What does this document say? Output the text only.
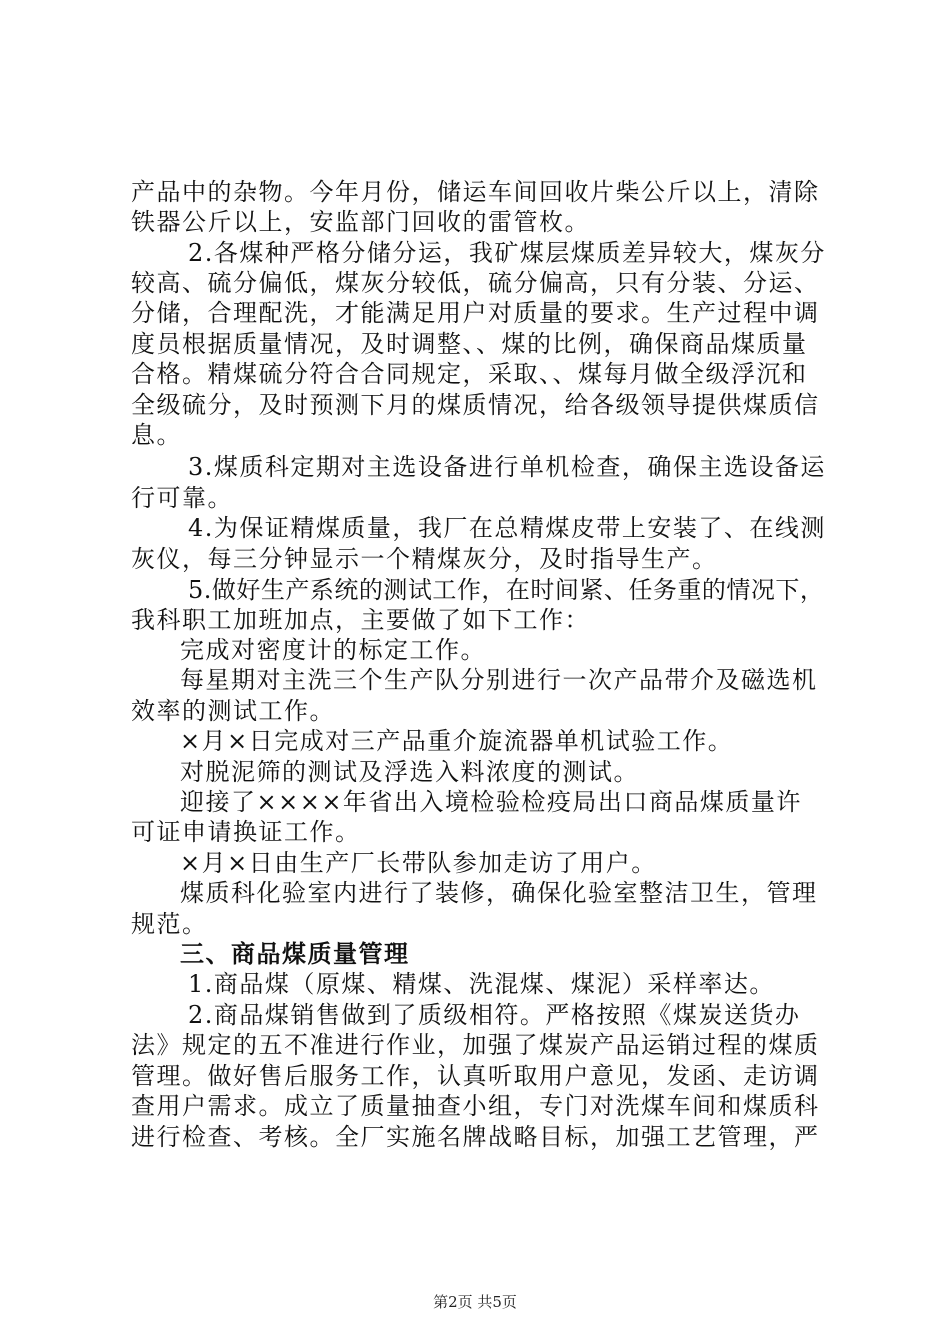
产品中的杂物。今年月份，储运车间回收片柴公斤以上，清除
铁器公斤以上，安监部门回收的雷管枚。
2.各煤种严格分储分运，我矿煤层煤质差异较大，煤灰分
较高、硫分偏低，煤灰分较低，硫分偏高，只有分装、分运、
分储，合理配洗，才能满足用户对质量的要求。生产过程中调
度员根据质量情况，及时调整、、煤的比例，确保商品煤质量
合格。精煤硫分符合合同规定，采取、、煤每月做全级浮沉和
全级硫分，及时预测下月的煤质情况，给各级领导提供煤质信
息。
3.煤质科定期对主选设备进行单机检查，确保主选设备运
行可靠。
4.为保证精煤质量，我厂在总精煤皮带上安装了、在线测
灰仪，每三分钟显示一个精煤灰分，及时指导生产。
5.做好生产系统的测试工作，在时间紧、任务重的情况下，
我科职工加班加点，主要做了如下工作：
完成对密度计的标定工作。
每星期对主洗三个生产队分别进行一次产品带介及磁选机
效率的测试工作。
×月×日完成对三产品重介旋流器单机试验工作。
对脱泥筛的测试及浮选入料浓度的测试。
迎接了××××年省出入境检验检疫局出口商品煤质量许
可证申请换证工作。
×月×日由生产厂长带队参加走访了用户。
煤质科化验室内进行了装修，确保化验室整洁卫生，管理
规范。
三、商品煤质量管理
1.商品煤（原煤、精煤、洗混煤、煤泥）采样率达。
2.商品煤销售做到了质级相符。严格按照《煤炭送货办
法》规定的五不准进行作业，加强了煤炭产品运销过程的煤质
管理。做好售后服务工作，认真听取用户意见，发函、走访调
查用户需求。成立了质量抽查小组，专门对洗煤车间和煤质科
进行检查、考核。全厂实施名牌战略目标，加强工艺管理，严
第2页 共5页
